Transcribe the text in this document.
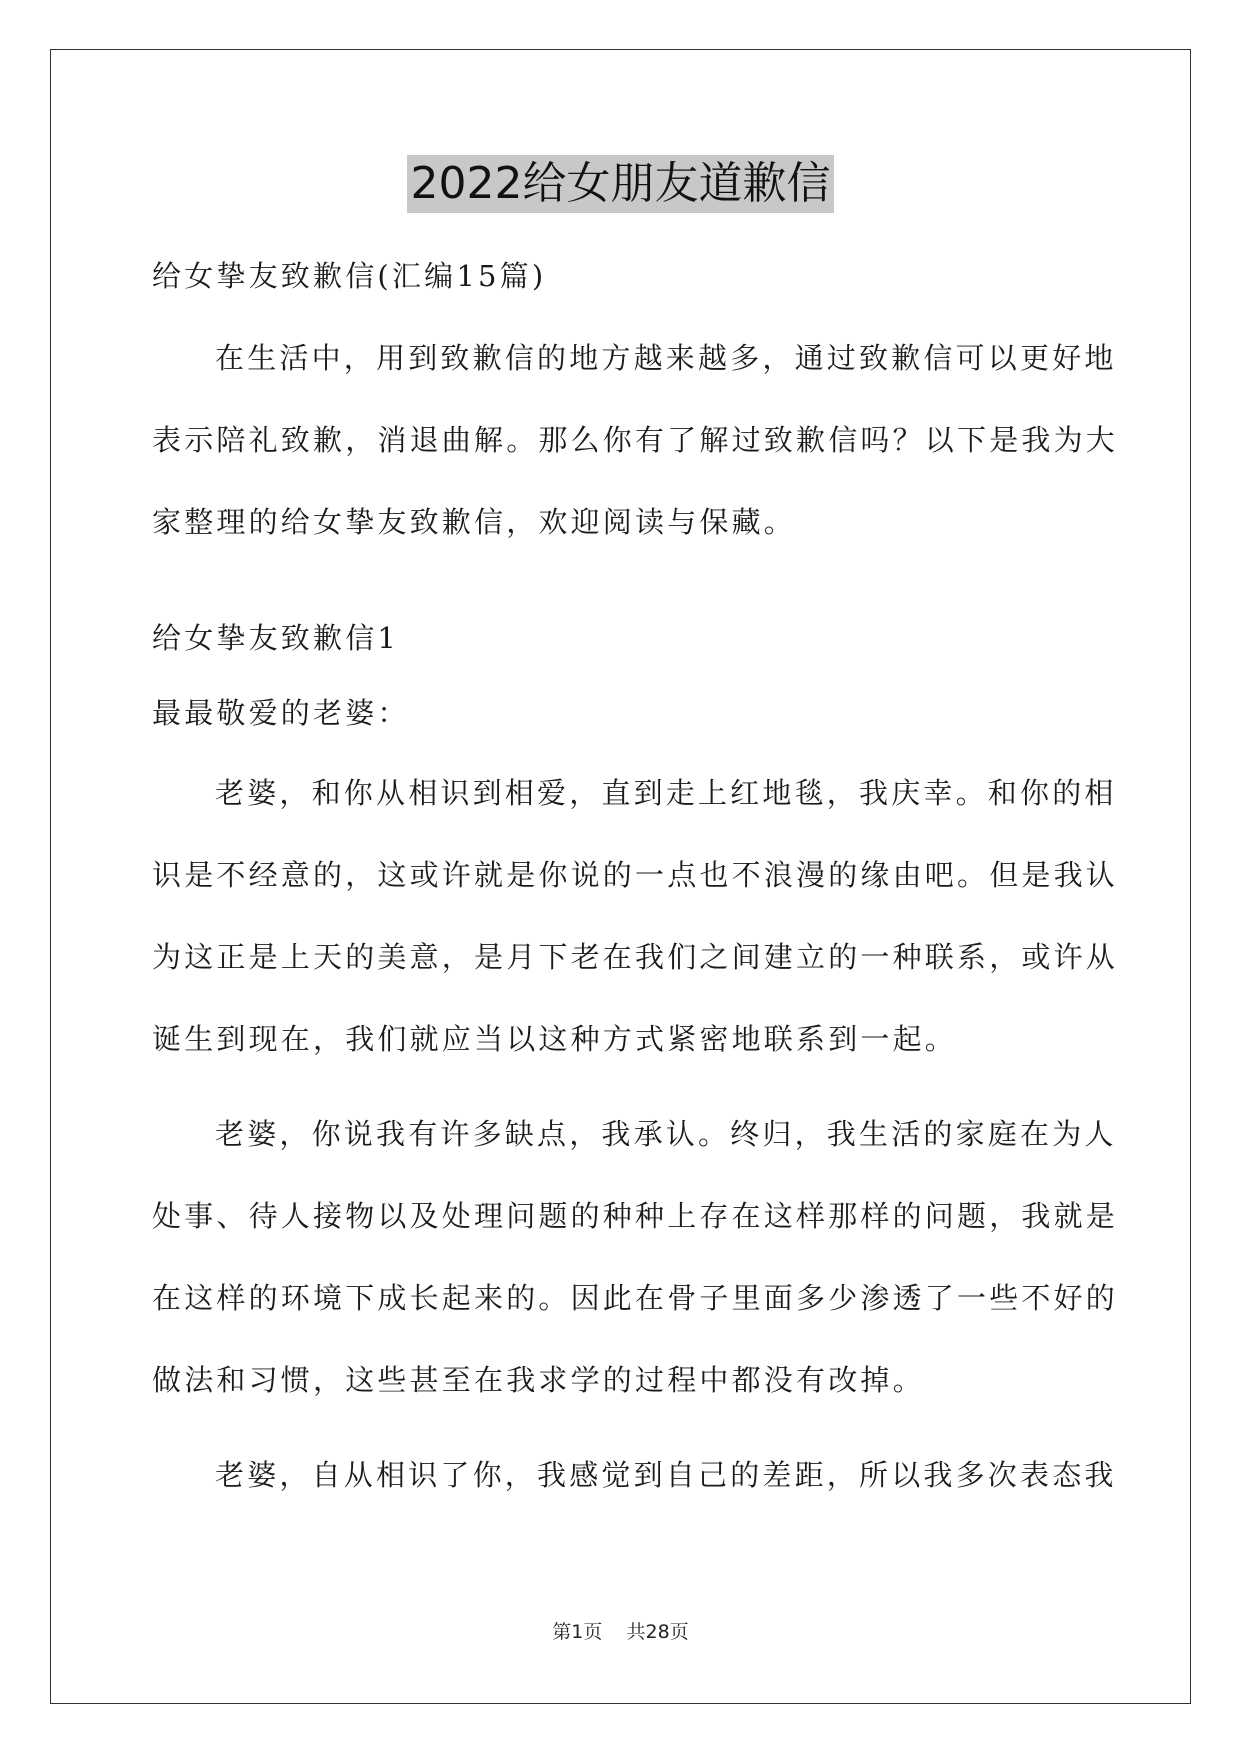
2022给女朋友道歉信

给女挚友致歉信(汇编15篇)

在生活中，用到致歉信的地方越来越多，通过致歉信可以更好地
表示陪礼致歉，消退曲解。那么你有了解过致歉信吗？以下是我为大
家整理的给女挚友致歉信，欢迎阅读与保藏。

给女挚友致歉信1

最最敬爱的老婆：

老婆，和你从相识到相爱，直到走上红地毯，我庆幸。和你的相
识是不经意的，这或许就是你说的一点也不浪漫的缘由吧。但是我认
为这正是上天的美意，是月下老在我们之间建立的一种联系，或许从
诞生到现在，我们就应当以这种方式紧密地联系到一起。

老婆，你说我有许多缺点，我承认。终归，我生活的家庭在为人
处事、待人接物以及处理问题的种种上存在这样那样的问题，我就是
在这样的环境下成长起来的。因此在骨子里面多少渗透了一些不好的
做法和习惯，这些甚至在我求学的过程中都没有改掉。

老婆，自从相识了你，我感觉到自己的差距，所以我多次表态我

第1页 共28页
